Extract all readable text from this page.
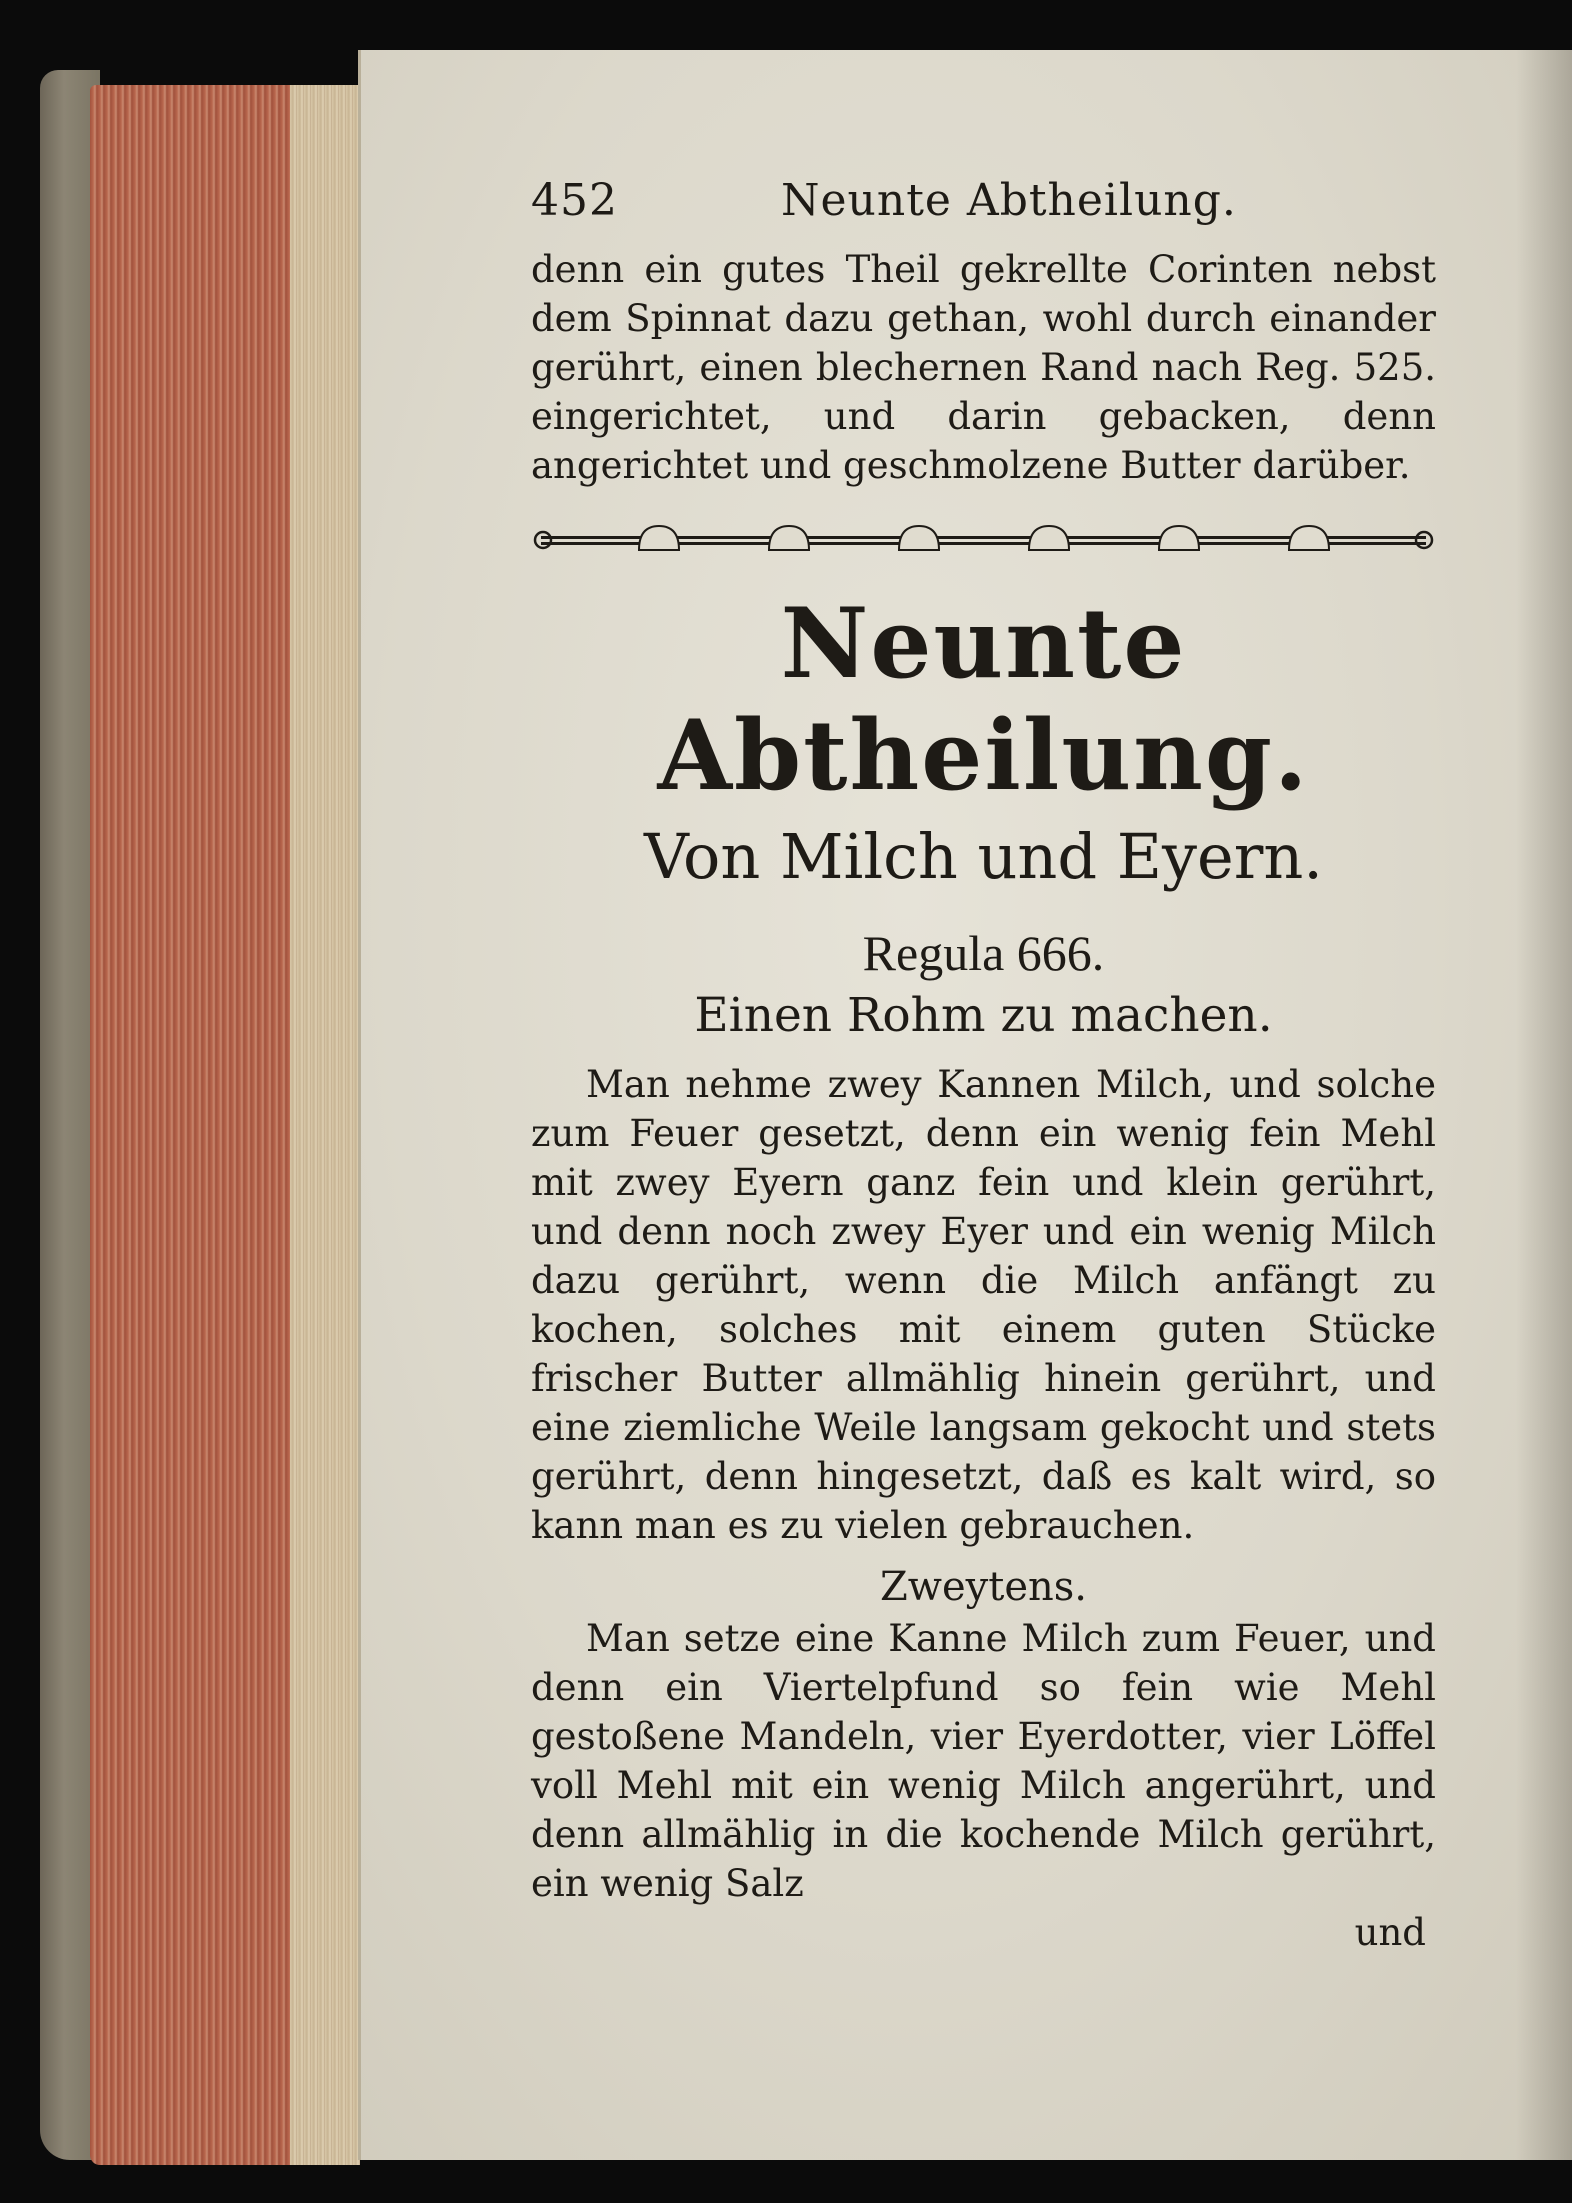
452	Neunte Abtheilung.

denn ein gutes Theil gekrellte Corinten nebst dem Spinnat dazu gethan, wohl durch einander gerührt, einen blechernen Rand nach Reg. 525. eingerichtet, und darin gebacken, denn angerichtet und geschmolzene Butter darüber.

Neunte Abtheilung.
Von Milch und Eyern.
Regula 666.
Einen Rohm zu machen.

Man nehme zwey Kannen Milch, und solche zum Feuer gesetzt, denn ein wenig fein Mehl mit zwey Eyern ganz fein und klein gerührt, und denn noch zwey Eyer und ein wenig Milch dazu gerührt, wenn die Milch anfängt zu kochen, solches mit einem guten Stücke frischer Butter allmählig hinein gerührt, und eine ziemliche Weile langsam gekocht und stets gerührt, denn hingesetzt, daß es kalt wird, so kann man es zu vielen gebrauchen.

Zweytens.

Man setze eine Kanne Milch zum Feuer, und denn ein Viertelpfund so fein wie Mehl gestoßene Mandeln, vier Eyerdotter, vier Löffel voll Mehl mit ein wenig Milch angerührt, und denn allmählig in die kochende Milch gerührt, ein wenig Salz

und
